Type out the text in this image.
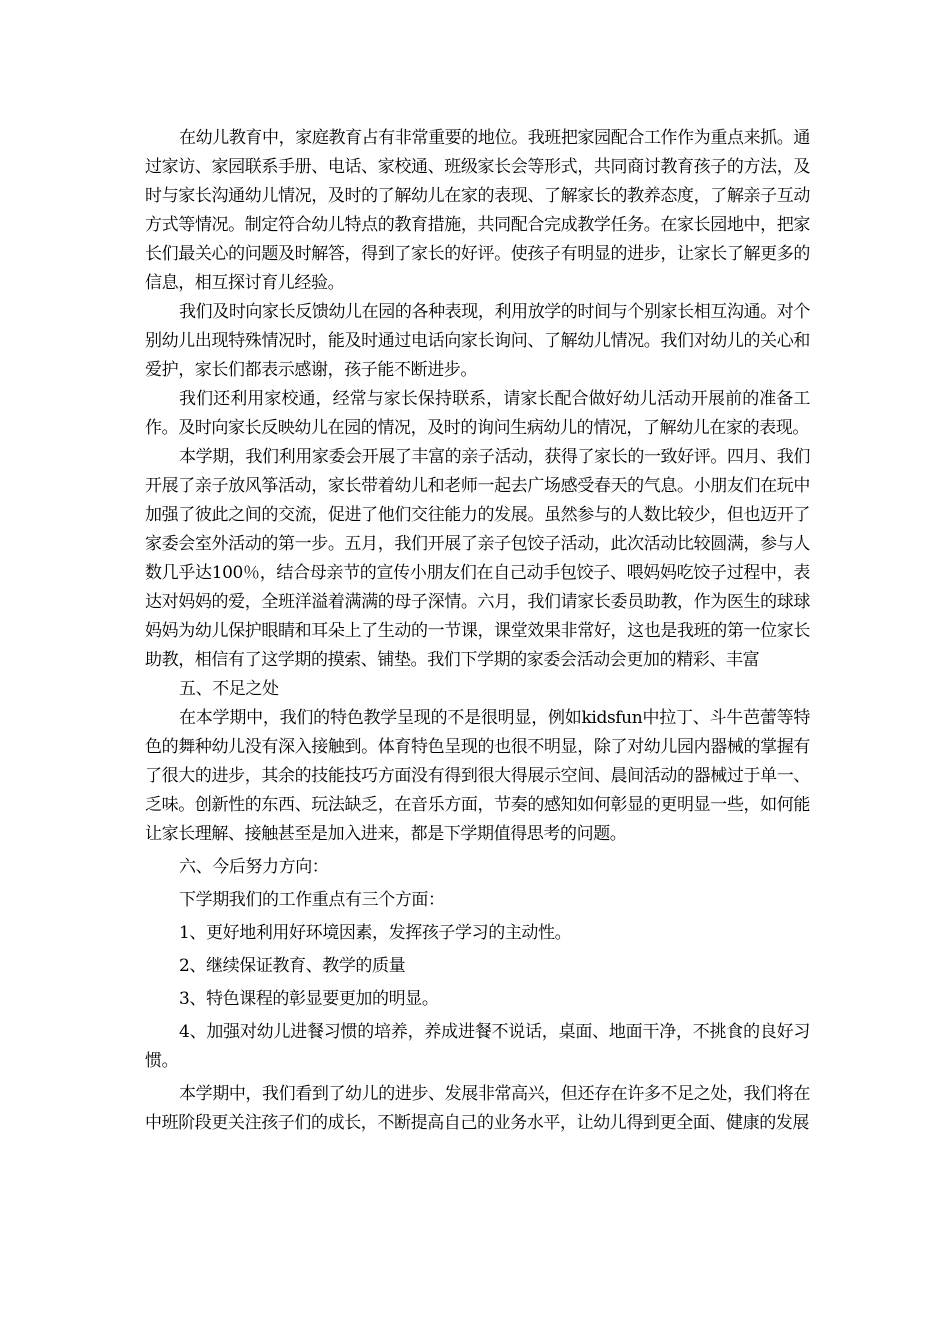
在幼儿教育中，家庭教育占有非常重要的地位。我班把家园配合工作作为重点来抓。通过家访、家园联系手册、电话、家校通、班级家长会等形式，共同商讨教育孩子的方法，及时与家长沟通幼儿情况，及时的了解幼儿在家的表现、了解家长的教养态度，了解亲子互动方式等情况。制定符合幼儿特点的教育措施，共同配合完成教学任务。在家长园地中，把家长们最关心的问题及时解答，得到了家长的好评。使孩子有明显的进步，让家长了解更多的信息，相互探讨育儿经验。

我们及时向家长反馈幼儿在园的各种表现，利用放学的时间与个别家长相互沟通。对个别幼儿出现特殊情况时，能及时通过电话向家长询问、了解幼儿情况。我们对幼儿的关心和爱护，家长们都表示感谢，孩子能不断进步。

我们还利用家校通，经常与家长保持联系，请家长配合做好幼儿活动开展前的准备工作。及时向家长反映幼儿在园的情况，及时的询问生病幼儿的情况，了解幼儿在家的表现。

本学期，我们利用家委会开展了丰富的亲子活动，获得了家长的一致好评。四月、我们开展了亲子放风筝活动，家长带着幼儿和老师一起去广场感受春天的气息。小朋友们在玩中加强了彼此之间的交流，促进了他们交往能力的发展。虽然参与的人数比较少，但也迈开了家委会室外活动的第一步。五月，我们开展了亲子包饺子活动，此次活动比较圆满，参与人数几乎达100％，结合母亲节的宣传小朋友们在自己动手包饺子、喂妈妈吃饺子过程中，表达对妈妈的爱，全班洋溢着满满的母子深情。六月，我们请家长委员助教，作为医生的球球妈妈为幼儿保护眼睛和耳朵上了生动的一节课，课堂效果非常好，这也是我班的第一位家长助教，相信有了这学期的摸索、铺垫。我们下学期的家委会活动会更加的精彩、丰富

五、不足之处

在本学期中，我们的特色教学呈现的不是很明显，例如kidsfun中拉丁、斗牛芭蕾等特色的舞种幼儿没有深入接触到。体育特色呈现的也很不明显，除了对幼儿园内器械的掌握有了很大的进步，其余的技能技巧方面没有得到很大得展示空间、晨间活动的器械过于单一、乏味。创新性的东西、玩法缺乏，在音乐方面，节奏的感知如何彰显的更明显一些，如何能让家长理解、接触甚至是加入进来，都是下学期值得思考的问题。

六、今后努力方向：

下学期我们的工作重点有三个方面：

1、更好地利用好环境因素，发挥孩子学习的主动性。

2、继续保证教育、教学的质量

3、特色课程的彰显要更加的明显。

4、加强对幼儿进餐习惯的培养，养成进餐不说话，桌面、地面干净，不挑食的良好习惯。

本学期中，我们看到了幼儿的进步、发展非常高兴，但还存在许多不足之处，我们将在中班阶段更关注孩子们的成长，不断提高自己的业务水平，让幼儿得到更全面、健康的发展
